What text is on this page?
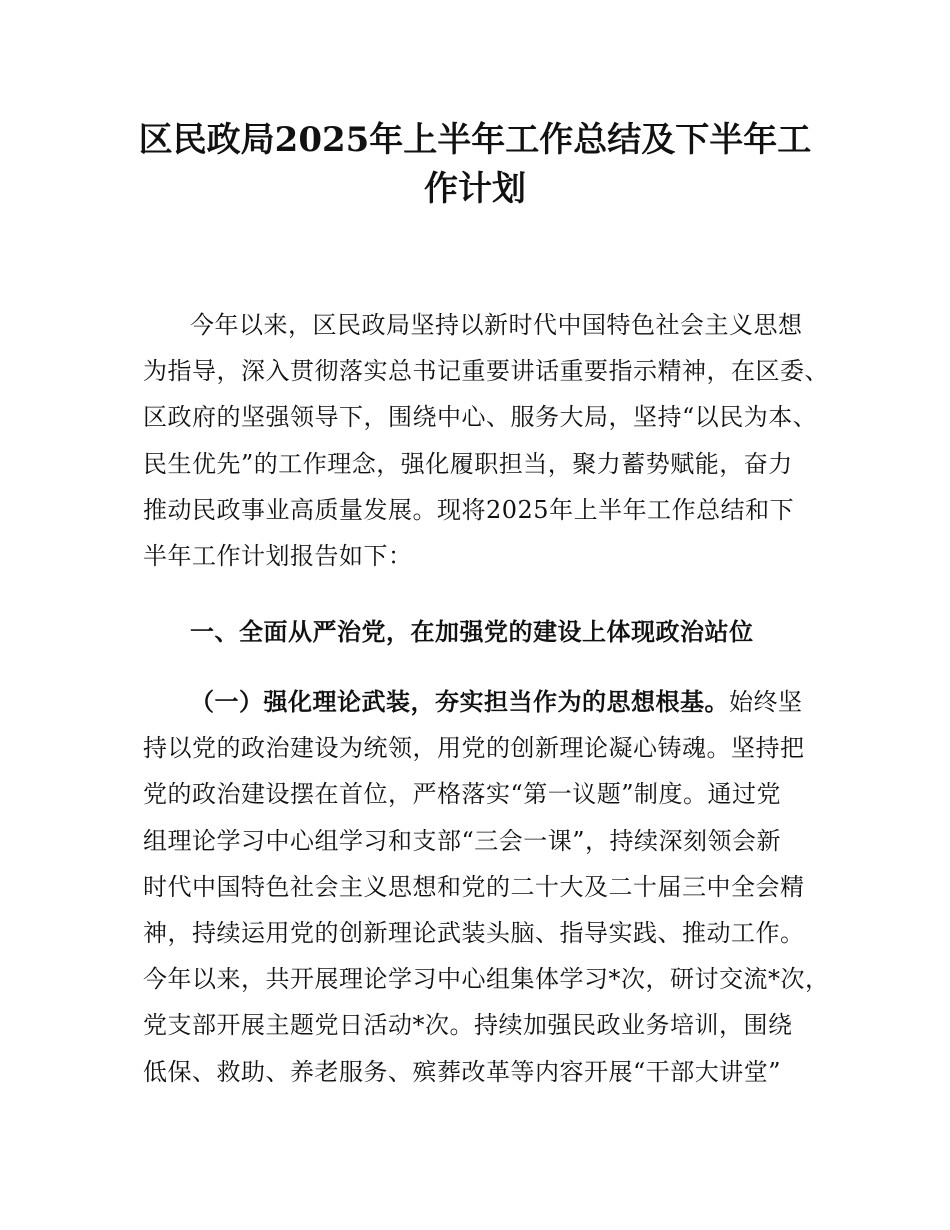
区民政局2025年上半年工作总结及下半年工
作计划
今年以来，区民政局坚持以新时代中国特色社会主义思想
为指导，深入贯彻落实总书记重要讲话重要指示精神，在区委、
区政府的坚强领导下，围绕中心、服务大局，坚持“以民为本、
民生优先”的工作理念，强化履职担当，聚力蓄势赋能，奋力
推动民政事业高质量发展。现将2025年上半年工作总结和下
半年工作计划报告如下：
一、全面从严治党，在加强党的建设上体现政治站位
（一）强化理论武装，夯实担当作为的思想根基。始终坚
持以党的政治建设为统领，用党的创新理论凝心铸魂。坚持把
党的政治建设摆在首位，严格落实“第一议题”制度。通过党
组理论学习中心组学习和支部“三会一课”，持续深刻领会新
时代中国特色社会主义思想和党的二十大及二十届三中全会精
神，持续运用党的创新理论武装头脑、指导实践、推动工作。
今年以来，共开展理论学习中心组集体学习*次，研讨交流*次，
党支部开展主题党日活动*次。持续加强民政业务培训，围绕
低保、救助、养老服务、殡葬改革等内容开展“干部大讲堂”
